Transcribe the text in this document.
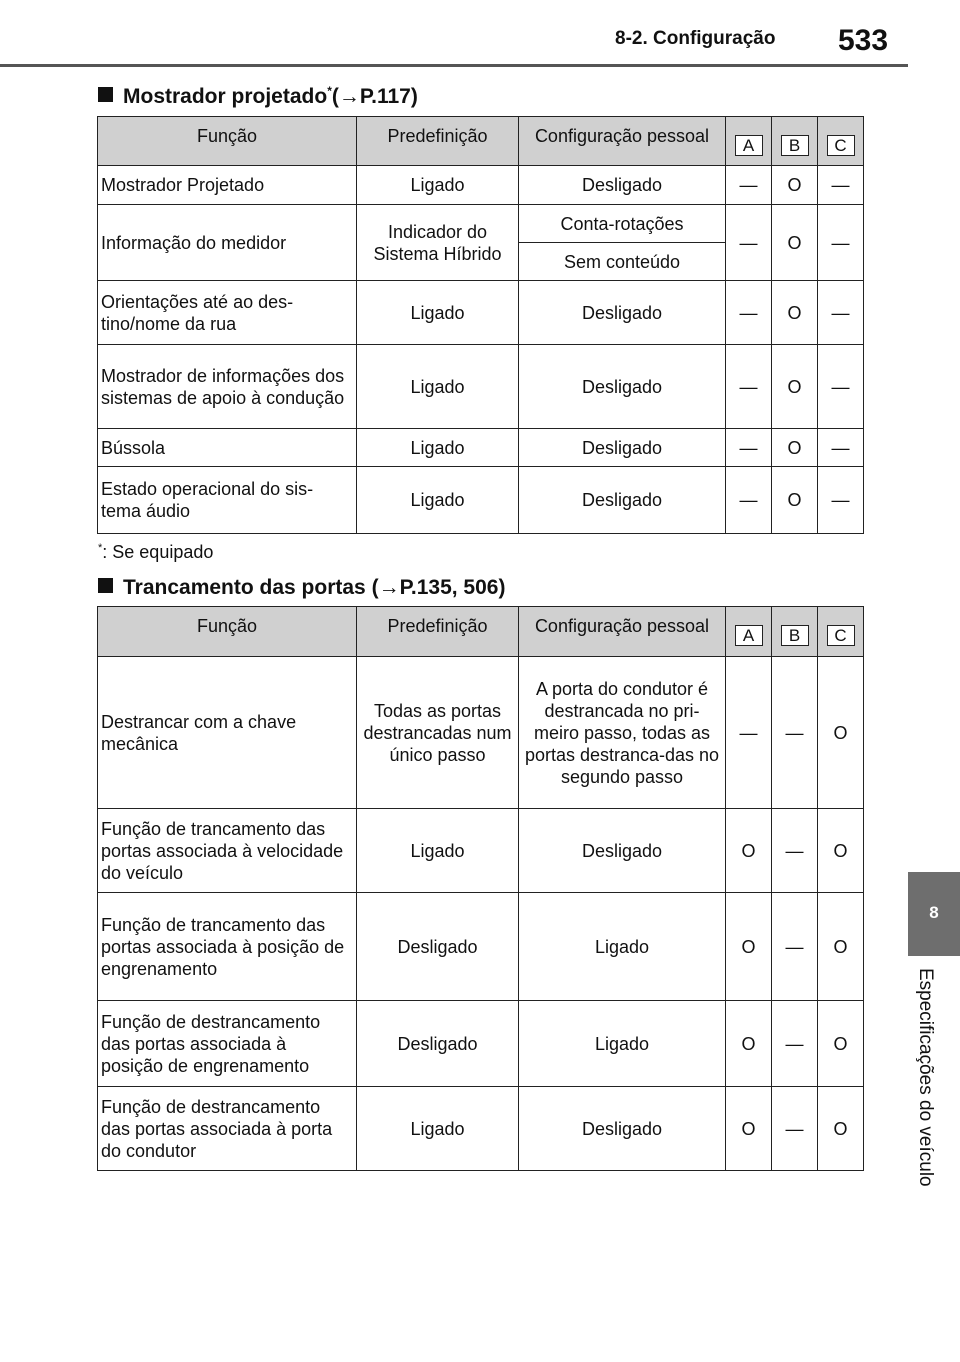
8-2. Configuração 533
8
Especificações do veículo
Mostrador projetado*(→P.117)
Função	Predefinição	Configuração pessoal	A	B	C
Mostrador Projetado	Ligado	Desligado	—	O	—
Informação do medidor	Indicador do Sistema Híbrido	Conta-rotações	—	O	—
		Sem conteúdo			
Orientações até ao des-tino/nome da rua	Ligado	Desligado	—	O	—
Mostrador de informações dos sistemas de apoio à condução	Ligado	Desligado	—	O	—
Bússola	Ligado	Desligado	—	O	—
Estado operacional do sis-tema áudio	Ligado	Desligado	—	O	—
*: Se equipado
Trancamento das portas (→P.135, 506)
Função	Predefinição	Configuração pessoal	A	B	C
Destrancar com a chave mecânica	Todas as portas destrancadas num único passo	A porta do condutor é destrancada no pri-meiro passo, todas as portas destranca-das no segundo passo	—	—	O
Função de trancamento das portas associada à velocidade do veículo	Ligado	Desligado	O	—	O
Função de trancamento das portas associada à posição de engrenamento	Desligado	Ligado	O	—	O
Função de destrancamento das portas associada à posição de engrenamento	Desligado	Ligado	O	—	O
Função de destrancamento das portas associada à porta do condutor	Ligado	Desligado	O	—	O
